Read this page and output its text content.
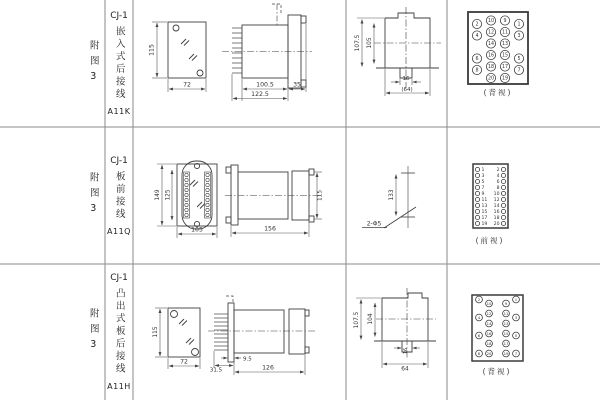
附图3
附图3
附图3
CJ-1
嵌入式后接线
A11K
CJ-1
板前接线
A11Q
CJ-1
凸出式板后接线
A11H
115
72	100.5	35
122.5
107.5 105
16
(64)
10
12
14
16
18
20
9
11
13
15
17
19
2
4
6
8
1
3
5
7
(背视)
149 125
105
115
156
133
2-Φ5
1	2
3	4
5	6
7	8
9 10
11 12
13 14
15 16
17 18
19 20
(前视)
115
72	9.5
31.5	126
107.5 104
16
64
10
12
14
16
18
20
9
11
13
15
17
19
2
4
6
8
1
3
5
7
(背视)
